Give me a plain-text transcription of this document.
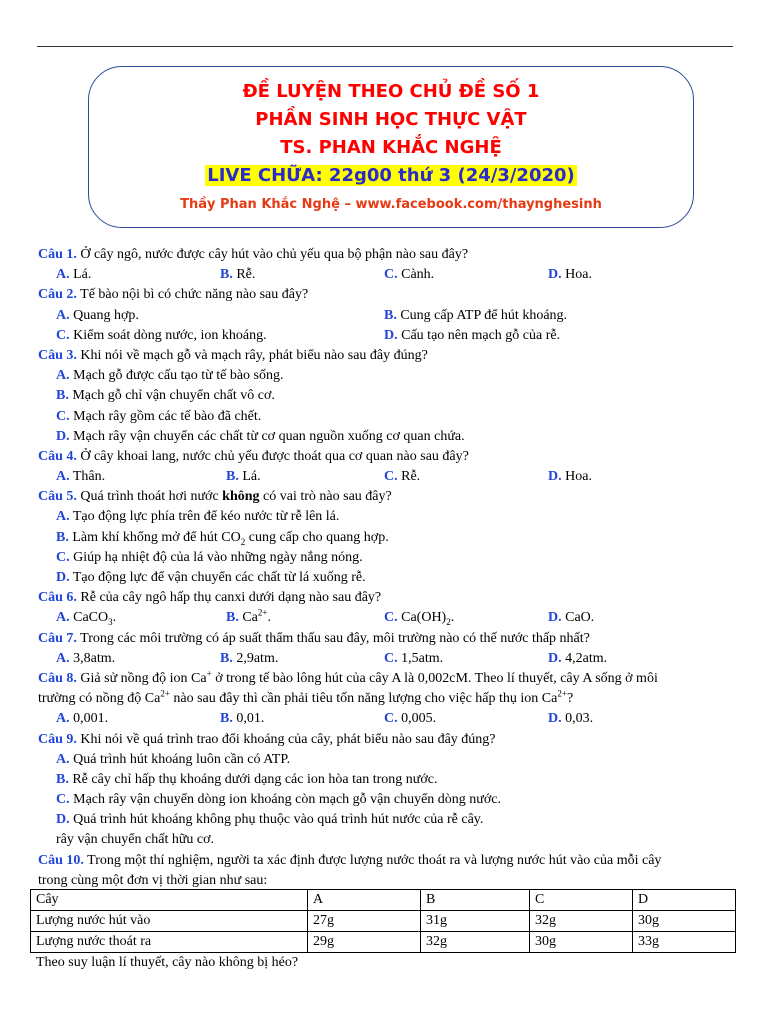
ĐỀ LUYỆN THEO CHỦ ĐỀ SỐ 1
PHẦN SINH HỌC THỰC VẬT
TS. PHAN KHẮC NGHỆ
LIVE CHỮA: 22g00 thứ 3 (24/3/2020)
Thầy Phan Khắc Nghệ – www.facebook.com/thaynghesinh
Câu 1. Ở cây ngô, nước được cây hút vào chủ yếu qua bộ phận nào sau đây?
A. Lá.	B. Rễ.	C. Cành.	D. Hoa.
Câu 2. Tế bào nội bì có chức năng nào sau đây?
A. Quang hợp.	B. Cung cấp ATP để hút khoáng.
C. Kiểm soát dòng nước, ion khoáng.	D. Cấu tạo nên mạch gỗ của rễ.
Câu 3. Khi nói về mạch gỗ và mạch rây, phát biểu nào sau đây đúng?
A. Mạch gỗ được cấu tạo từ tế bào sống.
B. Mạch gỗ chỉ vận chuyển chất vô cơ.
C. Mạch rây gồm các tế bào đã chết.
D. Mạch rây vận chuyển các chất từ cơ quan nguồn xuống cơ quan chứa.
Câu 4. Ở cây khoai lang, nước chủ yếu được thoát qua cơ quan nào sau đây?
A. Thân.	B. Lá.	C. Rễ.	D. Hoa.
Câu 5. Quá trình thoát hơi nước không có vai trò nào sau đây?
A. Tạo động lực phía trên để kéo nước từ rễ lên lá.
B. Làm khí khổng mở để hút $CO_2$ cung cấp cho quang hợp.
C. Giúp hạ nhiệt độ của lá vào những ngày nắng nóng.
D. Tạo động lực để vận chuyển các chất từ lá xuống rễ.
Câu 6. Rễ của cây ngô hấp thụ canxi dưới dạng nào sau đây?
A. CaCO$_3$.	B. $Ca^{2+}$.	C. $Ca(OH)_2$.	D. CaO.
Câu 7. Trong các môi trường có áp suất thẩm thấu sau đây, môi trường nào có thế nước thấp nhất?
A. 3,8atm.	B. 2,9atm.	C. 1,5atm.	D. 4,2atm.
Câu 8. Giả sử nồng độ ion Ca+ ở trong tế bào lông hút của cây A là 0,002cM. Theo lí thuyết, cây A sống ở môi
trường có nồng độ $Ca^{2+}$ nào sau đây thì cần phải tiêu tốn năng lượng cho việc hấp thụ ion $Ca^{2+}$?
A. 0,001.	B. 0,01.	C. 0,005.	D. 0,03.
Câu 9. Khi nói về quá trình trao đổi khoáng của cây, phát biểu nào sau đây đúng?
A. Quá trình hút khoáng luôn cần có ATP.
B. Rễ cây chỉ hấp thụ khoáng dưới dạng các ion hòa tan trong nước.
C. Mạch rây vận chuyển dòng ion khoáng còn mạch gỗ vận chuyển dòng nước.
D. Quá trình hút khoáng không phụ thuộc vào quá trình hút nước của rễ cây.
rây vận chuyển chất hữu cơ.
Câu 10. Trong một thí nghiệm, người ta xác định được lượng nước thoát ra và lượng nước hút vào của mỗi cây
trong cùng một đơn vị thời gian như sau:
Cây	A	B	C	D
Lượng nước hút vào	27g	31g	32g	30g
Lượng nước thoát ra	29g	32g	30g	33g
Theo suy luận lí thuyết, cây nào không bị héo?
